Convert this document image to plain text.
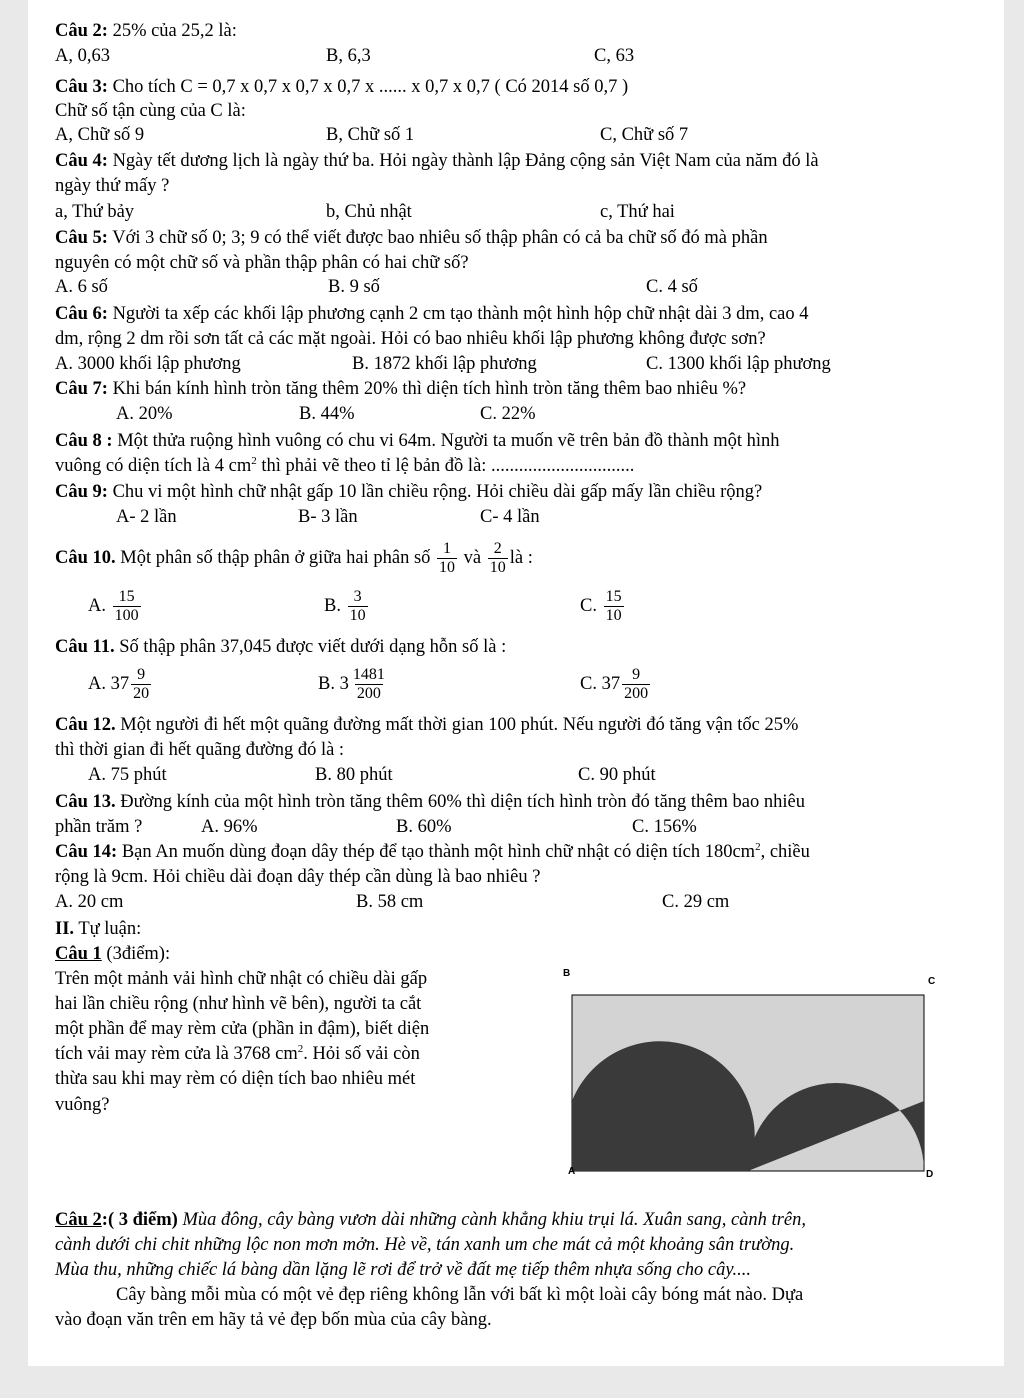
Câu 2: 25% của 25,2 là:
A, 0,63	B, 6,3	C, 63
Câu 3: Cho tích C = 0,7 x 0,7 x 0,7 x 0,7 x ...... x 0,7 x 0,7 ( Có 2014 số 0,7 )
Chữ số tận cùng của C là:
A, Chữ số 9	B, Chữ số 1	C, Chữ số 7
Câu 4: Ngày tết dương lịch là ngày thứ ba. Hỏi ngày thành lập Đảng cộng sản Việt Nam của năm đó là
ngày thứ mấy ?
a, Thứ bảy	b, Chủ nhật	c, Thứ hai
Câu 5: Với 3 chữ số 0; 3; 9 có thể viết được bao nhiêu số thập phân có cả ba chữ số đó mà phần
nguyên có một chữ số và phần thập phân có hai chữ số?
A. 6 số	B. 9 số	C. 4 số
Câu 6: Người ta xếp các khối lập phương cạnh 2 cm tạo thành một hình hộp chữ nhật dài 3 dm, cao 4
dm, rộng 2 dm rồi sơn tất cả các mặt ngoài. Hỏi có bao nhiêu khối lập phương không được sơn?
A. 3000 khối lập phương	B. 1872 khối lập phương	C. 1300 khối lập phương
Câu 7: Khi bán kính hình tròn tăng thêm 20% thì diện tích hình tròn tăng thêm bao nhiêu %?
A. 20%	B. 44%	C. 22%
Câu 8 : Một thửa ruộng hình vuông có chu vi 64m. Người ta muốn vẽ trên bản đồ thành một hình
vuông có diện tích là 4 $cm^2$ thì phải vẽ theo tỉ lệ bản đồ là: ...............................
Câu 9: Chu vi một hình chữ nhật gấp 10 lần chiều rộng. Hỏi chiều dài gấp mấy lần chiều rộng?
A- 2 lần	B- 3 lần	C- 4 lần
Câu 10. Một phân số thập phân ở giữa hai phân số $\frac{1}{10}$ và $\frac{2}{10}$ là :
A. $\frac{15}{100}$	B. $\frac{3}{10}$	C. $\frac{15}{10}$
Câu 11. Số thập phân 37,045 được viết dưới dạng hỗn số là :
A. $37 \frac{9}{20}$	B. $3 \frac{1481}{200}$	C. $37 \frac{9}{200}$
Câu 12. Một người đi hết một quãng đường mất thời gian 100 phút. Nếu người đó tăng vận tốc 25%
thì thời gian đi hết quãng đường đó là :
A. 75 phút	B. 80 phút	C. 90 phút
Câu 13. Đường kính của một hình tròn tăng thêm 60% thì diện tích hình tròn đó tăng thêm bao nhiêu
phần trăm ?	A. 96%	B. 60%	C. 156%
Câu 14: Bạn An muốn dùng đoạn dây thép để tạo thành một hình chữ nhật có diện tích $180cm^2$, chiều
rộng là 9cm. Hỏi chiều dài đoạn dây thép cần dùng là bao nhiêu ?
A. 20 cm	B. 58 cm	C. 29 cm
II. Tự luận:
Câu 1 (3điểm):
Trên một mảnh vải hình chữ nhật có chiều dài gấp
hai lần chiều rộng (như hình vẽ bên), người ta cắt
một phần để may rèm cửa (phần in đậm), biết diện
tích vải may rèm cửa là 3768 $cm^2$. Hỏi số vải còn
thừa sau khi may rèm có diện tích bao nhiêu mét
vuông?
B
C
A	D
Câu 2:( 3 điểm) Mùa đông, cây bàng vươn dài những cành khẳng khiu trụi lá. Xuân sang, cành trên,
cành dưới chi chit những lộc non mơn mởn. Hè về, tán xanh um che mát cả một khoảng sân trường.
Mùa thu, những chiếc lá bàng dần lặng lẽ rơi để trở về đất mẹ tiếp thêm nhựa sống cho cây....
Cây bàng mỗi mùa có một vẻ đẹp riêng không lẫn với bất kì một loài cây bóng mát nào. Dựa
vào đoạn văn trên em hãy tả vẻ đẹp bốn mùa của cây bàng.
